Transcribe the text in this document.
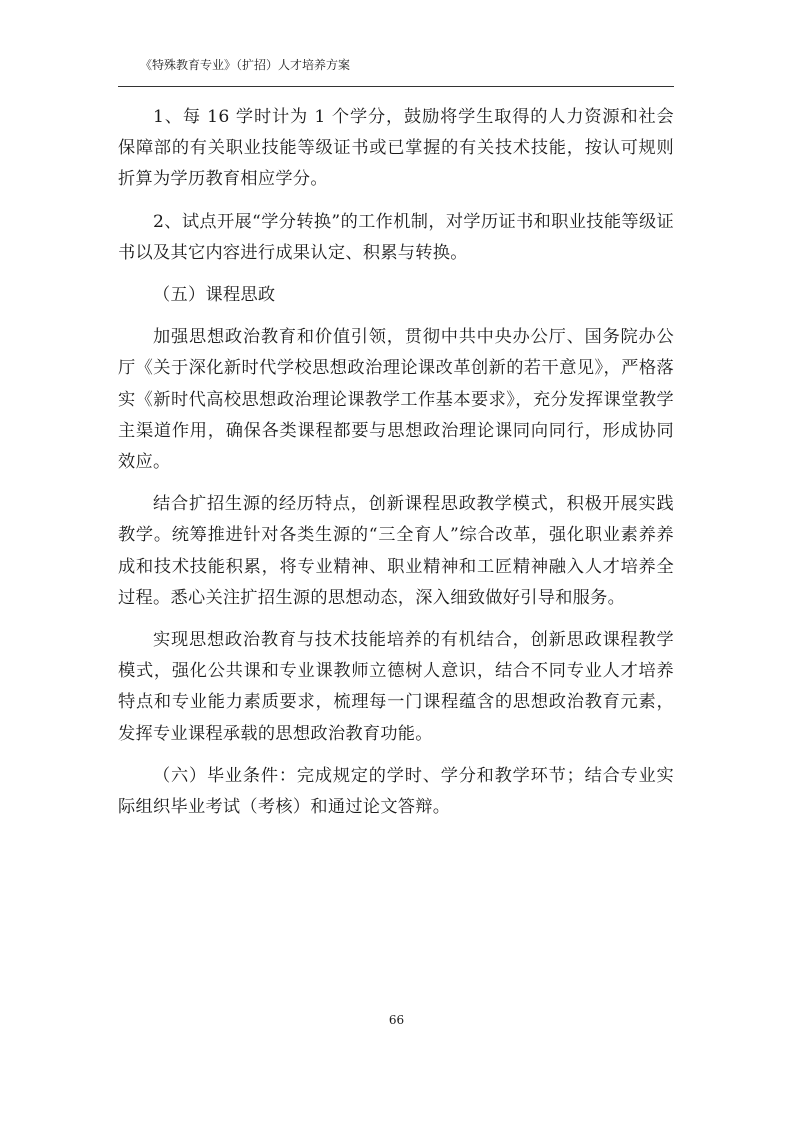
《特殊教育专业》（扩招）人才培养方案

1、每 16 学时计为 1 个学分，鼓励将学生取得的人力资源和社会保障部的有关职业技能等级证书或已掌握的有关技术技能，按认可规则折算为学历教育相应学分。

2、试点开展“学分转换”的工作机制，对学历证书和职业技能等级证书以及其它内容进行成果认定、积累与转换。

（五）课程思政

加强思想政治教育和价值引领，贯彻中共中央办公厅、国务院办公厅《关于深化新时代学校思想政治理论课改革创新的若干意见》，严格落实《新时代高校思想政治理论课教学工作基本要求》，充分发挥课堂教学主渠道作用，确保各类课程都要与思想政治理论课同向同行，形成协同效应。

结合扩招生源的经历特点，创新课程思政教学模式，积极开展实践教学。统筹推进针对各类生源的“三全育人”综合改革，强化职业素养养成和技术技能积累，将专业精神、职业精神和工匠精神融入人才培养全过程。悉心关注扩招生源的思想动态，深入细致做好引导和服务。

实现思想政治教育与技术技能培养的有机结合，创新思政课程教学模式，强化公共课和专业课教师立德树人意识，结合不同专业人才培养特点和专业能力素质要求，梳理每一门课程蕴含的思想政治教育元素，发挥专业课程承载的思想政治教育功能。

（六）毕业条件：完成规定的学时、学分和教学环节；结合专业实际组织毕业考试（考核）和通过论文答辩。

66
